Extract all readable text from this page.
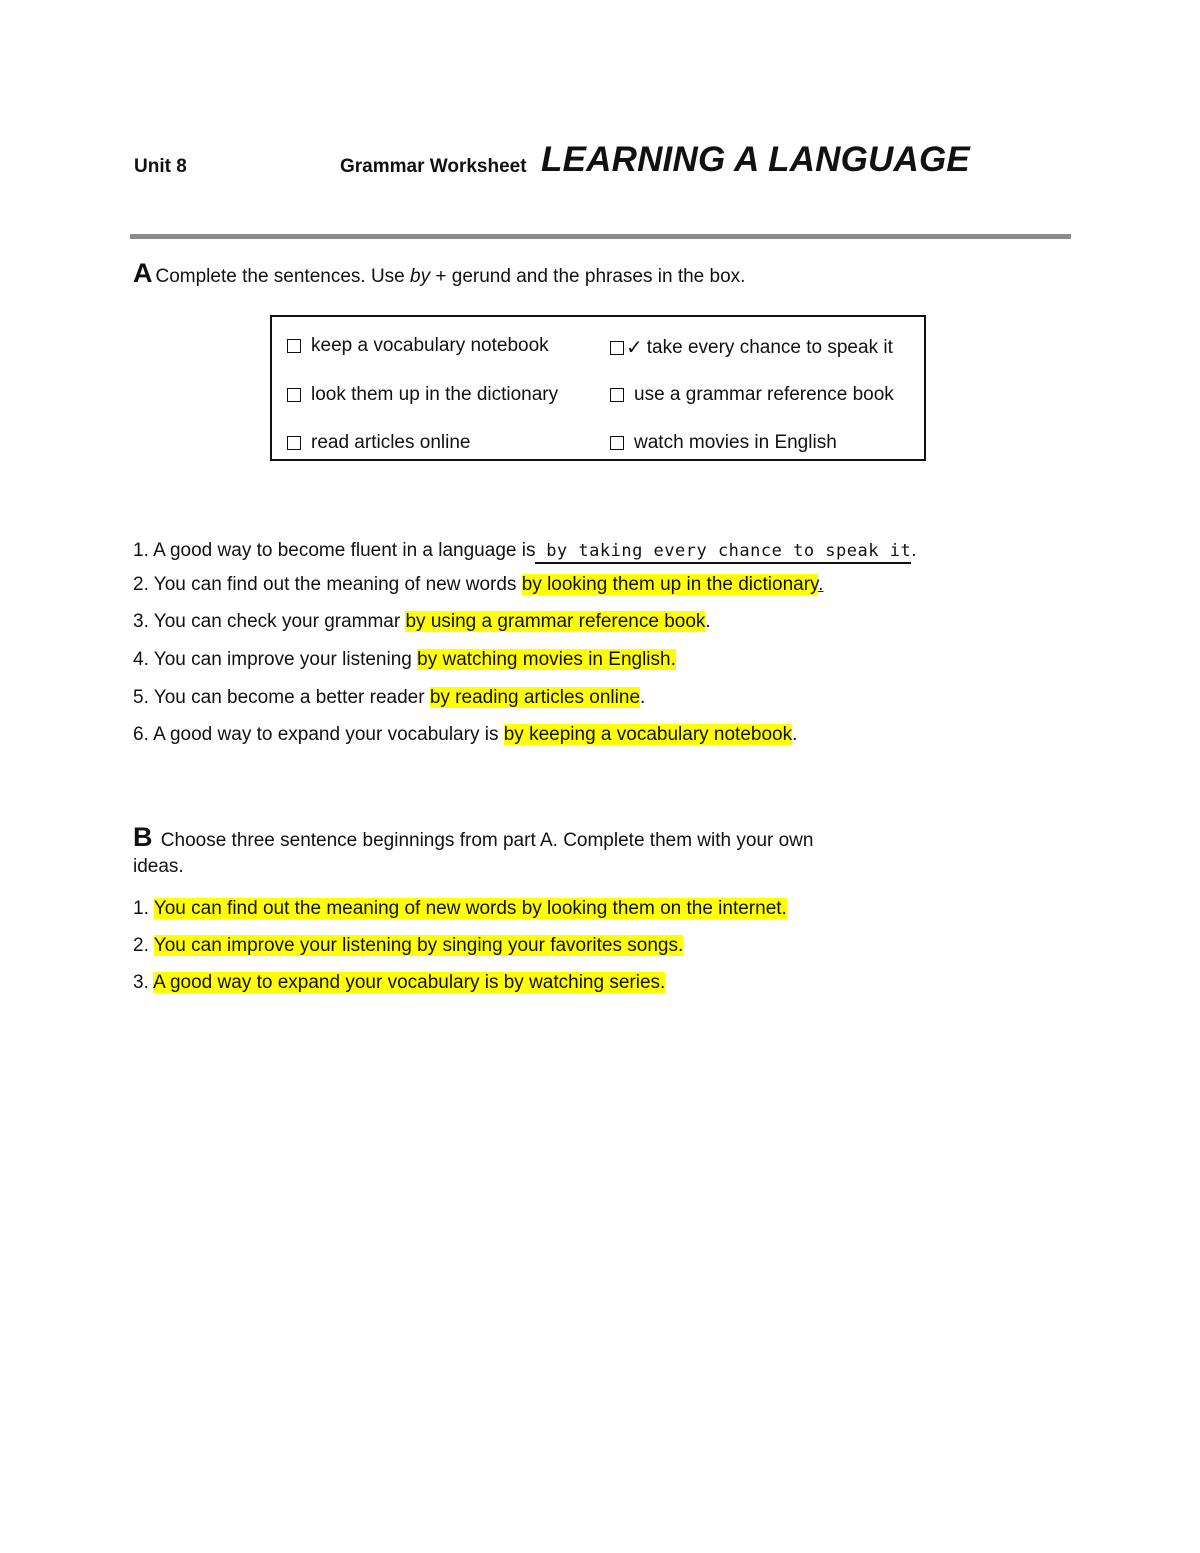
Unit 8	Grammar Worksheet LEARNING A LANGUAGE
A Complete the sentences. Use by + gerund and the phrases in the box.
keep a vocabulary notebook	✓ take every chance to speak it
look them up in the dictionary	use a grammar reference book
read articles online	watch movies in English
1. A good way to become fluent in a language is by taking every chance to speak it.
2. You can find out the meaning of new words by looking them up in the dictionary.
3. You can check your grammar by using a grammar reference book.
4. You can improve your listening by watching movies in English.
5. You can become a better reader by reading articles online.
6. A good way to expand your vocabulary is by keeping a vocabulary notebook.
B Choose three sentence beginnings from part A. Complete them with your own ideas.
1. You can find out the meaning of new words by looking them on the internet.
2. You can improve your listening by singing your favorites songs.
3. A good way to expand your vocabulary is by watching series.
